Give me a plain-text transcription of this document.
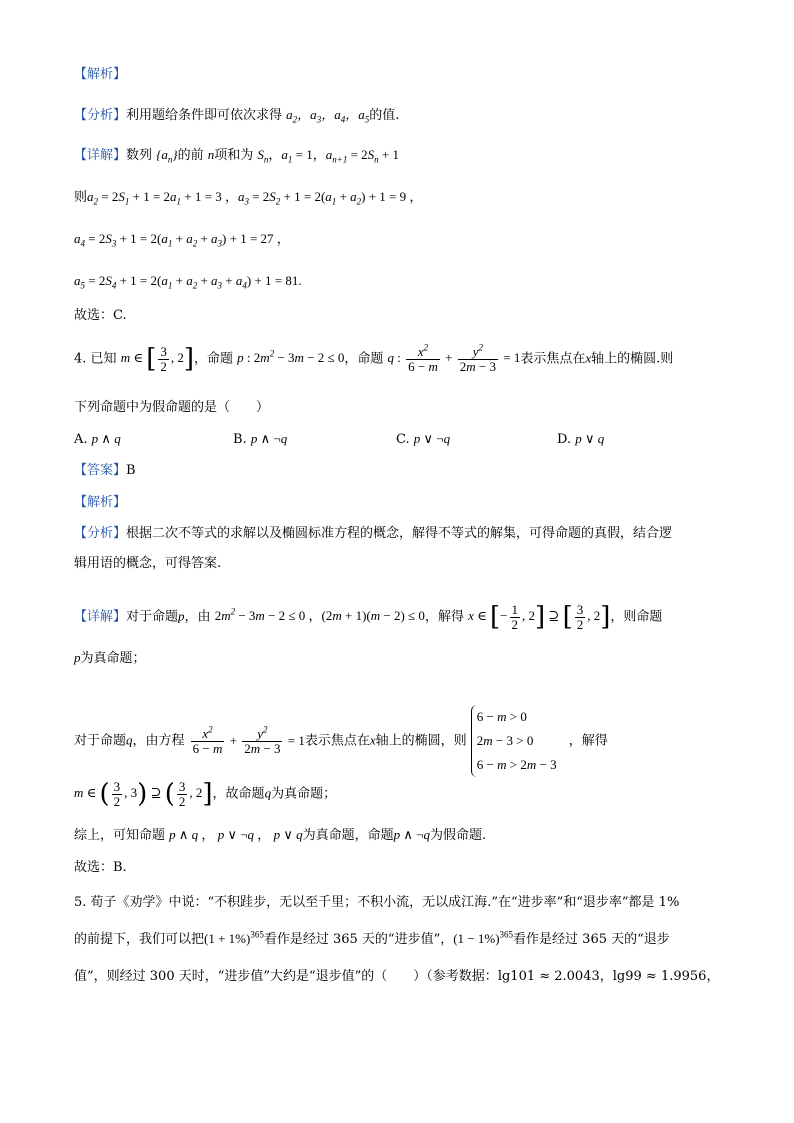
【解析】
【分析】利用题给条件即可依次求得 $a_2$，$a_3$，$a_4$，$a_5$的值.
【详解】数列 $\{a_n\}$的前 n项和为 $S_n$，$a_1 = 1$，$a_{n+1} = 2S_n + 1$
则$a_2 = 2S_1 + 1 = 2a_1 + 1 = 3$ ，$a_3 = 2S_2 + 1 = 2(a_1 + a_2) + 1 = 9$ ，
$a_4 = 2S_3 + 1 = 2(a_1 + a_2 + a_3) + 1 = 27$ ，
$a_5 = 2S_4 + 1 = 2(a_1 + a_2 + a_3 + a_4) + 1 = 81$.
故选：C.
4. 已知 m ∈ [ $\frac{3}{2}$ , 2]，命题 p : $2m^2 - 3m - 2 \le 0$，命题 q : $\frac{x^2}{6 - m} + \frac{y^2}{2m - 3} = 1$表示焦点在x轴上的椭圆.则
下列命题中为假命题的是（　　）
A. p ∧ q	B. p ∧ ¬q	C. p ∨ ¬q	D. p ∨ q
【答案】B
【解析】
【分析】根据二次不等式的求解以及椭圆标准方程的概念，解得不等式的解集，可得命题的真假，结合逻
辑用语的概念，可得答案.
【详解】对于命题p，由 $2m^2 - 3m - 2 \le 0$ ，(2m + 1)(m − 2) ≤ 0，解得 x ∈ [− $\frac{1}{2}$ , 2] ⊇ [ $\frac{3}{2}$ , 2]，则命题
p为真命题；
对于命题q，由方程 $\frac{x^2}{6 - m} + \frac{y^2}{2m - 3} = 1$表示焦点在x轴上的椭圆，则
6 − m > 0
2m − 3 > 0
6 − m > 2m − 3
，解得
m ∈ ( $\frac{3}{2}$ , 3) ⊇ ( $\frac{3}{2}$ , 2]，故命题q为真命题；
综上，可知命题 p ∧ q ， p ∨ ¬q ， p ∨ q为真命题，命题p ∧ ¬q为假命题.
故选：B.
5. 荀子《劝学》中说：“不积跬步，无以至千里；不积小流，无以成江海.”在“进步率”和“退步率”都是 1%
的前提下，我们可以把$(1 + 1\%)^{365}$看作是经过 365 天的“进步值”，$(1 - 1\%)^{365}$看作是经过 365 天的“退步
值”，则经过 300 天时，“进步值”大约是“退步值”的（　　）（参考数据：lg101 ≈ 2.0043，lg99 ≈ 1.9956，
